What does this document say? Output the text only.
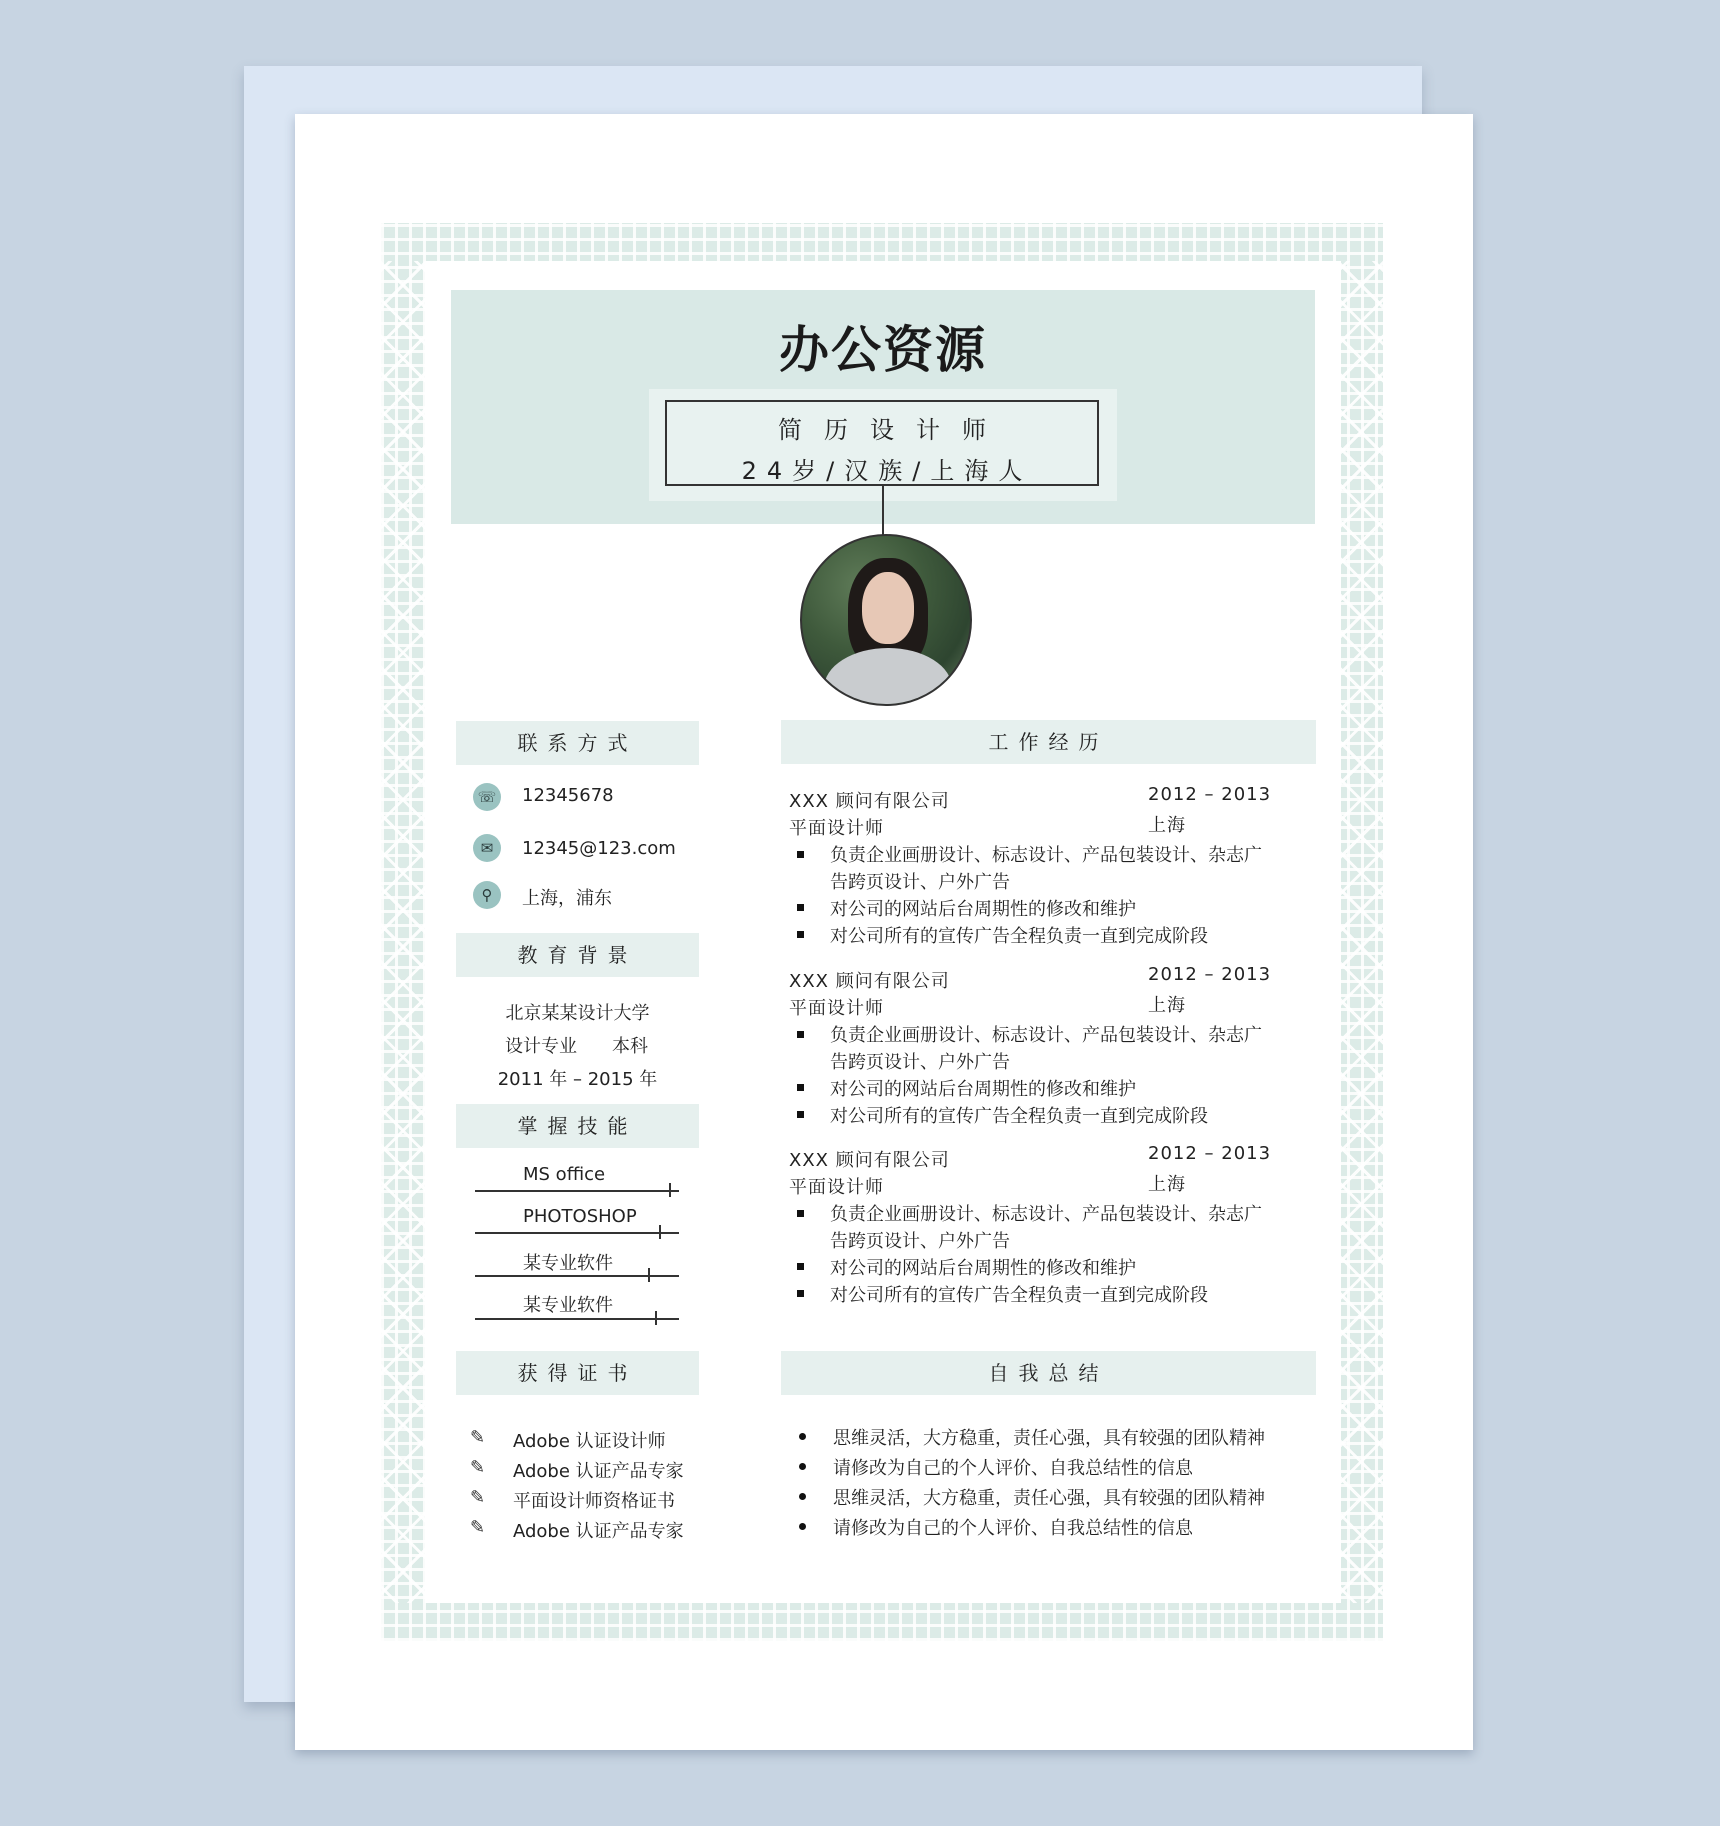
办公资源
简历设计师
24岁/汉族/上海人
联系方式
☏ 12345678
✉	12345@123.com
⚲	上海，浦东
教育背景
北京某某设计大学
设计专业 本科
2011 年 – 2015 年
掌握技能
MS office
PHOTOSHOP
某专业软件
某专业软件
获得证书
✎ Adobe 认证设计师
✎ Adobe 认证产品专家
✎ 平面设计师资格证书
✎ Adobe 认证产品专家
工作经历
XXX 顾问有限公司	2012 – 2013
平面设计师	上海
负责企业画册设计、标志设计、产品包装设计、杂志广
告跨页设计、户外广告
对公司的网站后台周期性的修改和维护
对公司所有的宣传广告全程负责一直到完成阶段
XXX 顾问有限公司	2012 – 2013
平面设计师	上海
负责企业画册设计、标志设计、产品包装设计、杂志广
告跨页设计、户外广告
对公司的网站后台周期性的修改和维护
对公司所有的宣传广告全程负责一直到完成阶段
XXX 顾问有限公司	2012 – 2013
平面设计师	上海
负责企业画册设计、标志设计、产品包装设计、杂志广
告跨页设计、户外广告
对公司的网站后台周期性的修改和维护
对公司所有的宣传广告全程负责一直到完成阶段
自我总结
思维灵活，大方稳重，责任心强，具有较强的团队精神
请修改为自己的个人评价、自我总结性的信息
思维灵活，大方稳重，责任心强，具有较强的团队精神
请修改为自己的个人评价、自我总结性的信息
